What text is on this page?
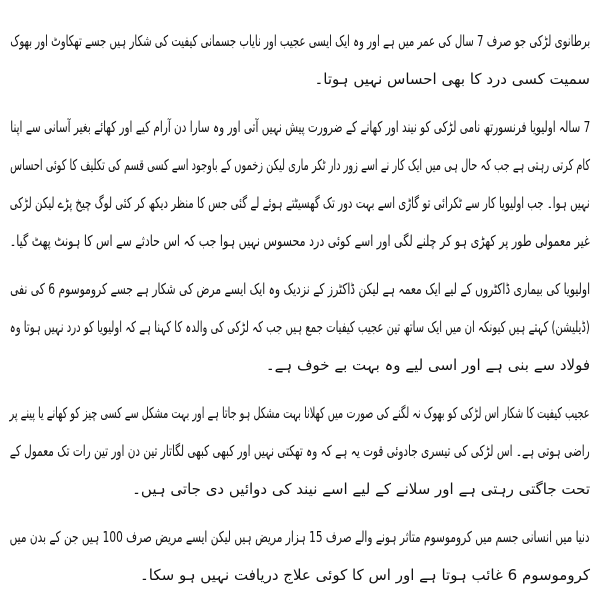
برطانوی لڑکی جو صرف 7 سال کی عمر میں ہے اور وہ ایک ایسی عجیب اور نایاب جسمانی کیفیت کی شکار ہیں جسے تھکاوٹ اور بھوک
سمیت کسی درد کا بھی احساس نہیں ہوتا۔
7 سالہ اولیویا فرنسورتھ نامی لڑکی کو نیند اور کھانے کے ضرورت پیش نہیں آتی اور وہ سارا دن آرام کیے اور کھائے بغیر آسانی سے اپنا
کام کرتی رہتی ہے جب کہ حال ہی میں ایک کار نے اسے زور دار ٹکر ماری لیکن زخموں کے باوجود اسے کسی قسم کی تکلیف کا کوئی احساس
نہیں ہوا۔ جب اولیویا کار سے ٹکرائی تو گاڑی اسے بہت دور تک گھسیٹتے ہوئے لے گئی جس کا منظر دیکھ کر کئی لوگ چیخ پڑے لیکن لڑکی
غیر معمولی طور پر کھڑی ہو کر چلنے لگی اور اسے کوئی درد محسوس نہیں ہوا جب کہ اس حادثے سے اس کا ہونٹ پھٹ گیا۔
اولیویا کی بیماری ڈاکٹروں کے لیے ایک معمہ ہے لیکن ڈاکٹرز کے نزدیک وہ ایک ایسے مرض کی شکار ہے جسے کروموسوم 6 کی نفی
(ڈیلیشن) کہتے ہیں کیونکہ ان میں ایک ساتھ تین عجیب کیفیات جمع ہیں جب کہ لڑکی کی والدہ کا کہنا ہے کہ اولیویا کو درد نہیں ہوتا وہ
فولاد سے بنی ہے اور اسی لیے وہ بہت بے خوف ہے۔
عجیب کیفیت کا شکار اس لڑکی کو بھوک نہ لگنے کی صورت میں کھلانا بہت مشکل ہو جاتا ہے اور بہت مشکل سے کسی چیز کو کھانے یا پینے پر
راضی ہوتی ہے۔ اس لڑکی کی تیسری جادوئی قوت یہ ہے کہ وہ تھکتی نہیں اور کبھی کبھی لگاتار تین دن اور تین رات تک معمول کے
تحت جاگتی رہتی ہے اور سلانے کے لیے اسے نیند کی دوائیں دی جاتی ہیں۔
دنیا میں انسانی جسم میں کروموسوم متاثر ہونے والے صرف 15 ہزار مریض ہیں لیکن ایسے مریض صرف 100 ہیں جن کے بدن میں
کروموسوم 6 غائب ہوتا ہے اور اس کا کوئی علاج دریافت نہیں ہو سکا۔
